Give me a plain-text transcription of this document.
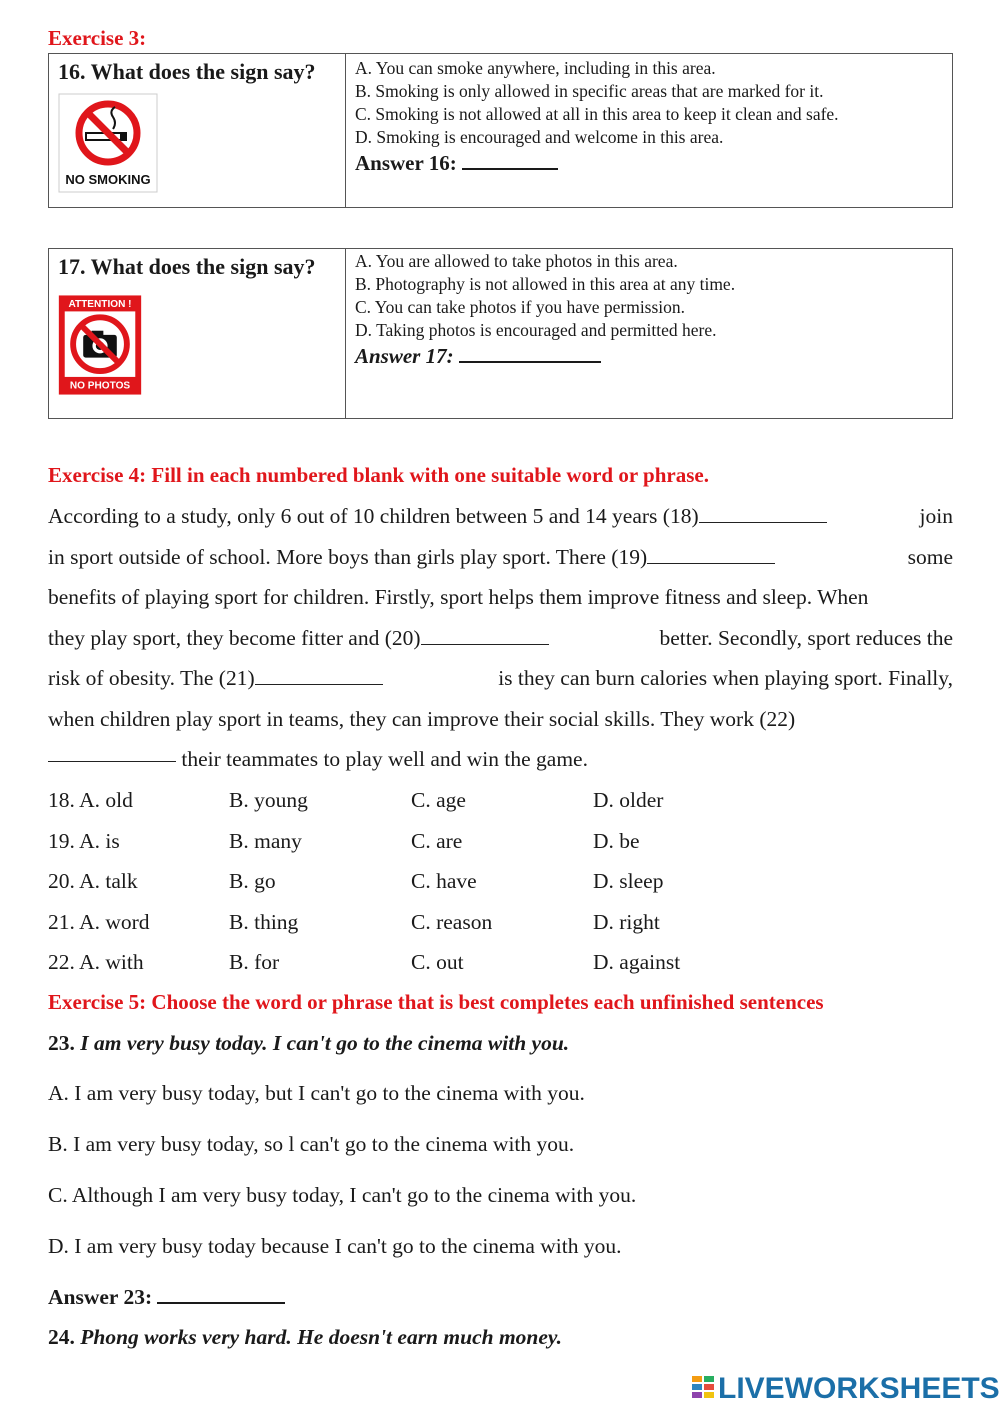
Exercise 3:
16. What does the sign say?
NO SMOKING

A. You can smoke anywhere, including in this area.
B. Smoking is only allowed in specific areas that are marked for it.
C. Smoking is not allowed at all in this area to keep it clean and safe.
D. Smoking is encouraged and welcome in this area.
Answer 16:
17. What does the sign say?
ATTENTION !
NO PHOTOS

A. You are allowed to take photos in this area.
B. Photography is not allowed in this area at any time.
C. You can take photos if you have permission.
D. Taking photos is encouraged and permitted here.
Answer 17:
Exercise 4: Fill in each numbered blank with one suitable word or phrase.
According to a study, only 6 out of 10 children between 5 and 14 years (18)	join
in sport outside of school. More boys than girls play sport. There (19)	some
benefits of playing sport for children. Firstly, sport helps them improve fitness and sleep. When
they play sport, they become fitter and (20)	better. Secondly, sport reduces the
risk of obesity. The (21)	is they can burn calories when playing sport. Finally,
when children play sport in teams, they can improve their social skills. They work (22)

their teammates to play well and win the game.
18. A. old	B. young	C. age	D. older
19. A. is	B. many	C. are	D. be
20. A. talk	B. go	C. have	D. sleep
21. A. word	B. thing	C. reason	D. right
22. A. with	B. for	C. out	D. against
Exercise 5: Choose the word or phrase that is best completes each unfinished sentences
23. I am very busy today. I can't go to the cinema with you.
A. I am very busy today, but I can't go to the cinema with you.
B. I am very busy today, so l can't go to the cinema with you.
C. Although I am very busy today, I can't go to the cinema with you.
D. I am very busy today because I can't go to the cinema with you.
Answer 23:
24. Phong works very hard. He doesn't earn much money.
LIVEWORKSHEETS
